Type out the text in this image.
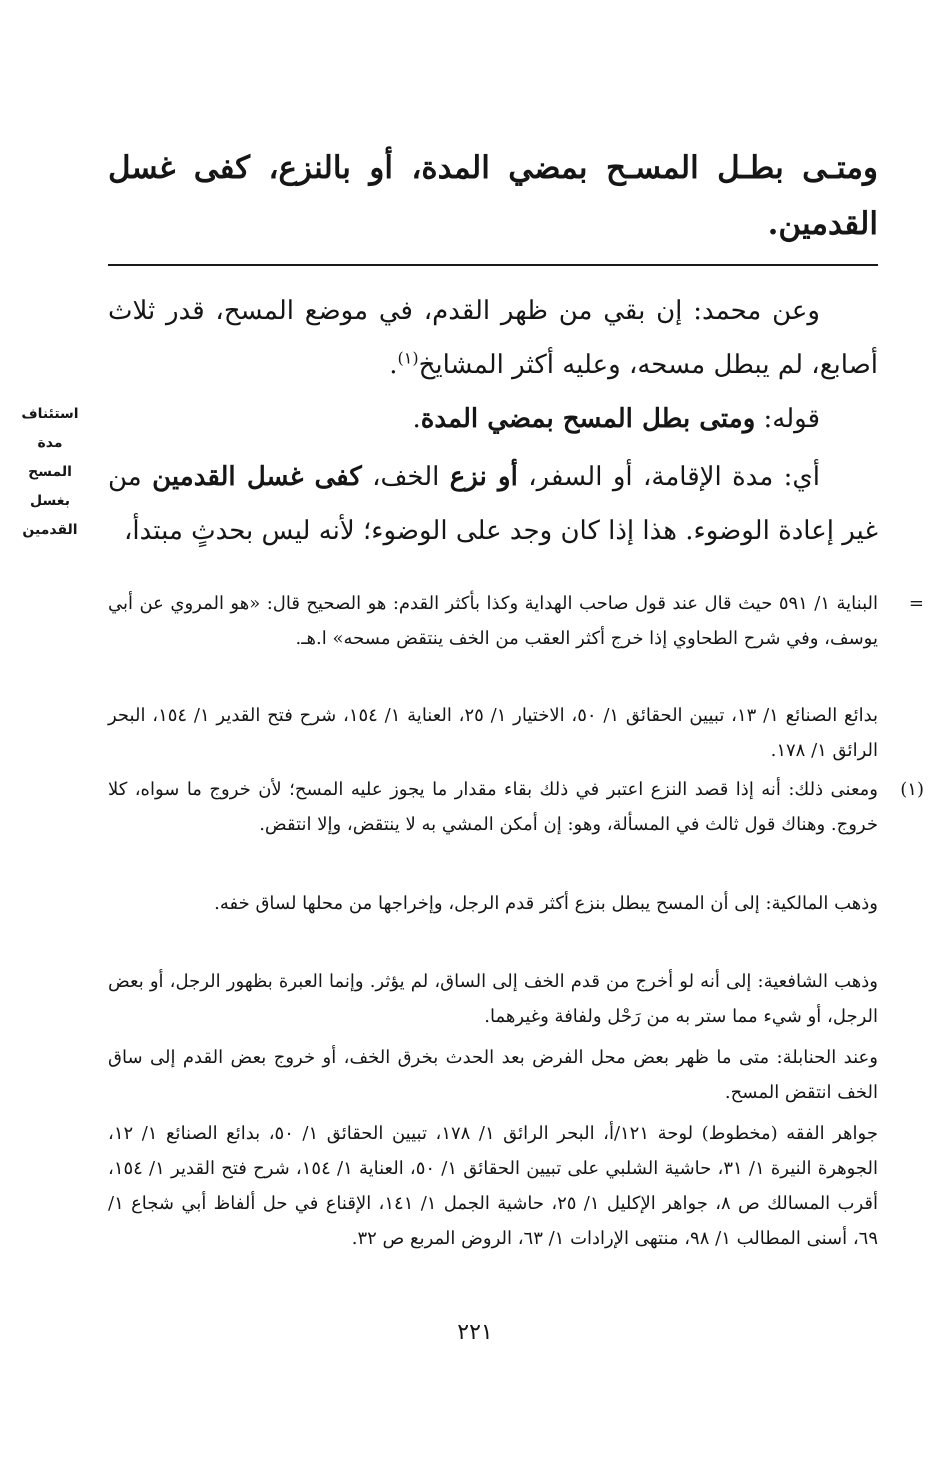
ومتـى بطـل المسـح بمضي المدة، أو بالنزع، كفى غسل القدمين.
وعن محمد: إن بقي من ظهر القدم، في موضع المسح، قدر ثلاث أصابع، لم يبطل مسحه، وعليه أكثر المشايخ$^{(١)}$.
قوله: ومتى بطل المسح بمضي المدة.
أي: مدة الإقامة، أو السفر، أو نزع الخف، كفى غسل القدمين من غير إعادة الوضوء. هذا إذا كان وجد على الوضوء؛ لأنه ليس بحدثٍ مبتدأ،
استئناف
مدة
المسح
بغسل
القدمين
=
البناية ١/ ٥٩١ حيث قال عند قول صاحب الهداية وكذا بأكثر القدم: هو الصحيح قال: «هو المروي عن أبي يوسف، وفي شرح الطحاوي إذا خرج أكثر العقب من الخف ينتقض مسحه» ا.هـ.
بدائع الصنائع ١/ ١٣، تبيين الحقائق ١/ ٥٠، الاختيار ١/ ٢٥، العناية ١/ ١٥٤، شرح فتح القدير ١/ ١٥٤، البحر الرائق ١/ ١٧٨.
(١)
ومعنى ذلك: أنه إذا قصد النزع اعتبر في ذلك بقاء مقدار ما يجوز عليه المسح؛ لأن خروج ما سواه، كلا خروج. وهناك قول ثالث في المسألة، وهو: إن أمكن المشي به لا ينتقض، وإلا انتقض.
وذهب المالكية: إلى أن المسح يبطل بنزع أكثر قدم الرجل، وإخراجها من محلها لساق خفه.
وذهب الشافعية: إلى أنه لو أخرج من قدم الخف إلى الساق، لم يؤثر. وإنما العبرة بظهور الرجل، أو بعض الرجل، أو شيء مما ستر به من رَحْل ولفافة وغيرهما.
وعند الحنابلة: متى ما ظهر بعض محل الفرض بعد الحدث بخرق الخف، أو خروج بعض القدم إلى ساق الخف انتقض المسح.
جواهر الفقه (مخطوط) لوحة ١٢١/أ، البحر الرائق ١/ ١٧٨، تبيين الحقائق ١/ ٥٠، بدائع الصنائع ١/ ١٢، الجوهرة النيرة ١/ ٣١، حاشية الشلبي على تبيين الحقائق ١/ ٥٠، العناية ١/ ١٥٤، شرح فتح القدير ١/ ١٥٤، أقرب المسالك ص ٨، جواهر الإكليل ١/ ٢٥، حاشية الجمل ١/ ١٤١، الإقناع في حل ألفاظ أبي شجاع ١/ ٦٩، أسنى المطالب ١/ ٩٨، منتهى الإرادات ١/ ٦٣، الروض المربع ص ٣٢.
٢٢١
